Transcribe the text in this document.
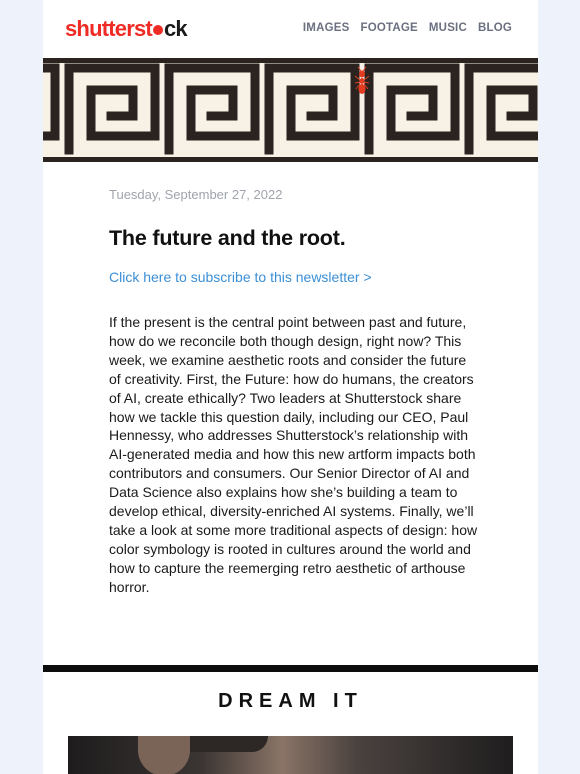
shutterst ck	IMAGES FOOTAGE MUSIC BLOG

Tuesday, September 27, 2022

The future and the root.
Click here to subscribe to this newsletter >

If the present is the central point between past and future, how do we reconcile both though design, right now? This week, we examine aesthetic roots and consider the future of creativity. First, the Future: how do humans, the creators of AI, create ethically? Two leaders at Shutterstock share how we tackle this question daily, including our CEO, Paul Hennessy, who addresses Shutterstock’s relationship with AI-generated media and how this new artform impacts both contributors and consumers. Our Senior Director of AI and Data Science also explains how she’s building a team to develop ethical, diversity-enriched AI systems. Finally, we’ll take a look at some more traditional aspects of design: how color symbology is rooted in cultures around the world and how to capture the reemerging retro aesthetic of arthouse horror.

DREAM IT
